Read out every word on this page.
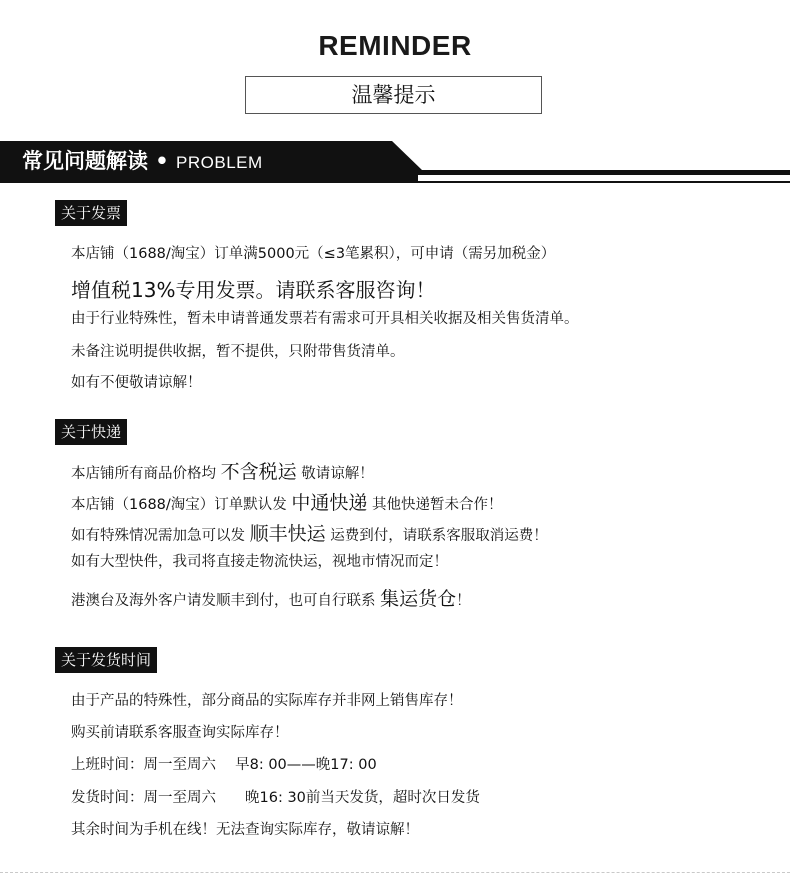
REMINDER
温馨提示
常见问题解读 • PROBLEM
关于发票
本店铺（1688/淘宝）订单满5000元（≤3笔累积），可申请（需另加税金）
增值税13%专用发票。请联系客服咨询！
由于行业特殊性，暂未申请普通发票若有需求可开具相关收据及相关售货清单。
未备注说明提供收据，暂不提供，只附带售货清单。
如有不便敬请谅解！
关于快递
本店铺所有商品价格均 不含税运 敬请谅解！
本店铺（1688/淘宝）订单默认发 中通快递 其他快递暂未合作！
如有特殊情况需加急可以发 顺丰快运 运费到付，请联系客服取消运费！
如有大型快件，我司将直接走物流快运，视地市情况而定！
港澳台及海外客户请发顺丰到付，也可自行联系 集运货仓！
关于发货时间
由于产品的特殊性，部分商品的实际库存并非网上销售库存！
购买前请联系客服查询实际库存！
上班时间：周一至周六　 早8: 00——晚17: 00
发货时间：周一至周六　　晚16: 30前当天发货，超时次日发货
其余时间为手机在线！无法查询实际库存，敬请谅解！
